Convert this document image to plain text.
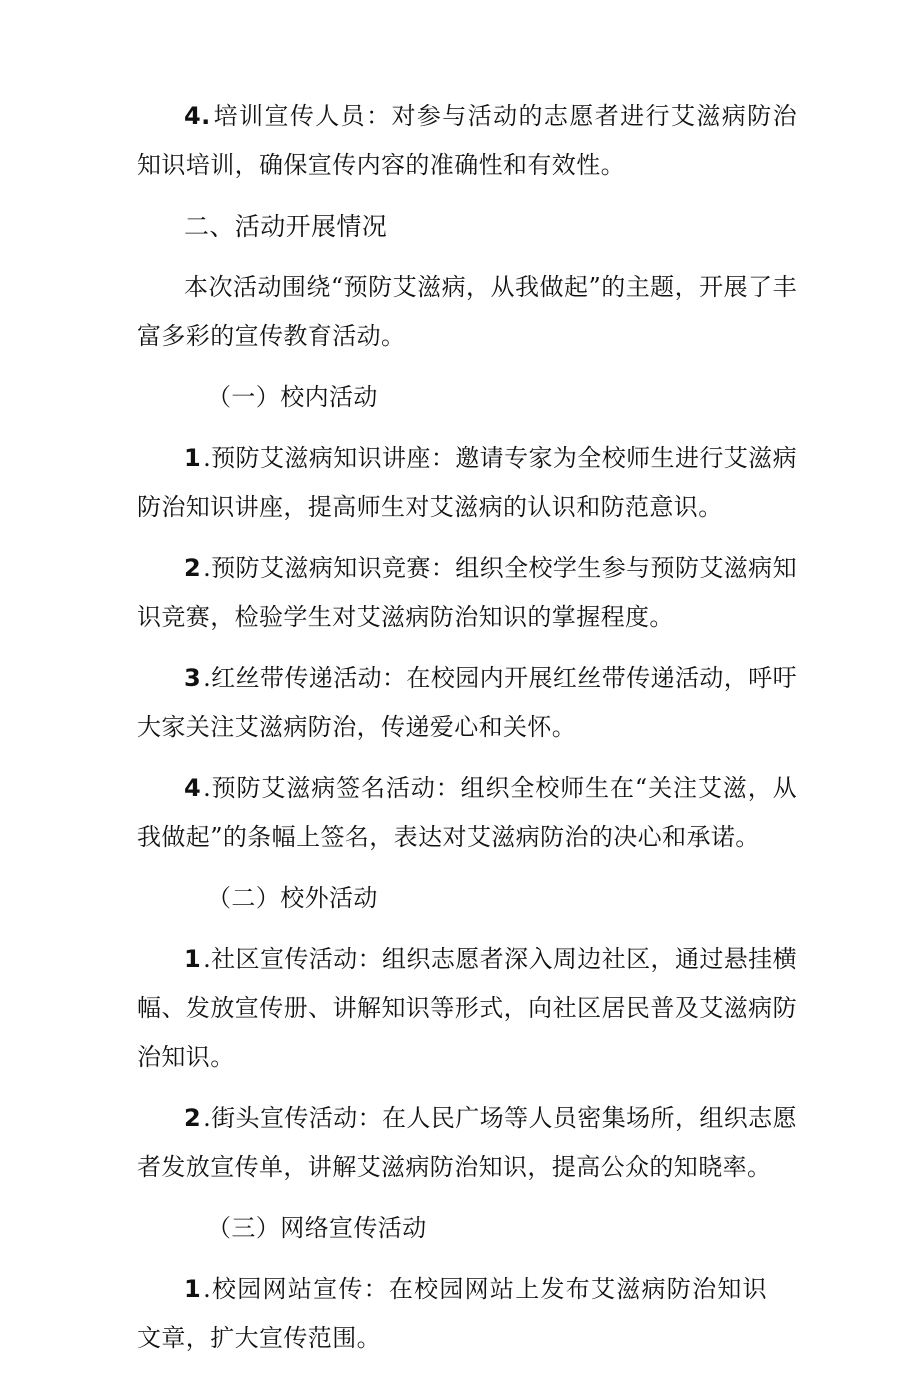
4.培训宣传人员：对参与活动的志愿者进行艾滋病防治知识培训，确保宣传内容的准确性和有效性。

二、活动开展情况

本次活动围绕“预防艾滋病，从我做起”的主题，开展了丰富多彩的宣传教育活动。

（一）校内活动

1.预防艾滋病知识讲座：邀请专家为全校师生进行艾滋病防治知识讲座，提高师生对艾滋病的认识和防范意识。

2.预防艾滋病知识竞赛：组织全校学生参与预防艾滋病知识竞赛，检验学生对艾滋病防治知识的掌握程度。

3.红丝带传递活动：在校园内开展红丝带传递活动，呼吁大家关注艾滋病防治，传递爱心和关怀。

4.预防艾滋病签名活动：组织全校师生在“关注艾滋，从我做起”的条幅上签名，表达对艾滋病防治的决心和承诺。

（二）校外活动

1.社区宣传活动：组织志愿者深入周边社区，通过悬挂横幅、发放宣传册、讲解知识等形式，向社区居民普及艾滋病防治知识。

2.街头宣传活动：在人民广场等人员密集场所，组织志愿者发放宣传单，讲解艾滋病防治知识，提高公众的知晓率。

（三）网络宣传活动

1.校园网站宣传：在校园网站上发布艾滋病防治知识文章，扩大宣传范围。
